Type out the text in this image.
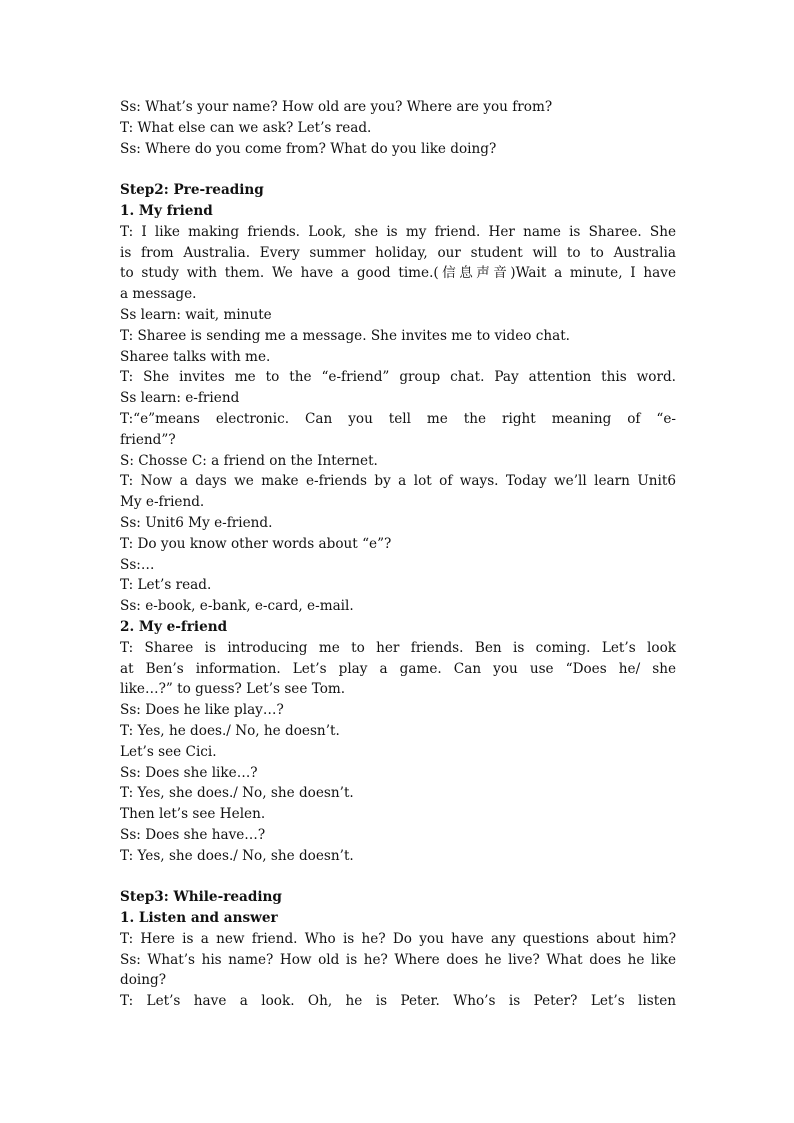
Ss: What’s your name? How old are you? Where are you from?
T: What else can we ask? Let’s read.
Ss: Where do you come from? What do you like doing?
Step2: Pre-reading
1. My friend
T: I like making friends. Look, she is my friend. Her name is Sharee. She
is from Australia. Every summer holiday, our student will to to Australia
to study with them. We have a good time.(信息声音)Wait a minute, I have
a message.
Ss learn: wait, minute
T: Sharee is sending me a message. She invites me to video chat.
Sharee talks with me.
T: She invites me to the “e-friend” group chat. Pay attention this word.
Ss learn: e-friend
T:“e”means electronic. Can you tell me the right meaning of “e-
friend”?
S: Chosse C: a friend on the Internet.
T: Now a days we make e-friends by a lot of ways. Today we’ll learn Unit6
My e-friend.
Ss: Unit6 My e-friend.
T: Do you know other words about “e”?
Ss:…
T: Let’s read.
Ss: e-book, e-bank, e-card, e-mail.
2. My e-friend
T: Sharee is introducing me to her friends. Ben is coming. Let’s look
at Ben’s information. Let’s play a game. Can you use “Does he/ she
like…?” to guess? Let’s see Tom.
Ss: Does he like play…?
T: Yes, he does./ No, he doesn’t.
Let’s see Cici.
Ss: Does she like…?
T: Yes, she does./ No, she doesn’t.
Then let’s see Helen.
Ss: Does she have…?
T: Yes, she does./ No, she doesn’t.
Step3: While-reading
1. Listen and answer
T: Here is a new friend. Who is he? Do you have any questions about him?
Ss: What’s his name? How old is he? Where does he live? What does he like
doing?
T: Let’s have a look. Oh, he is Peter. Who’s is Peter? Let’s listen
